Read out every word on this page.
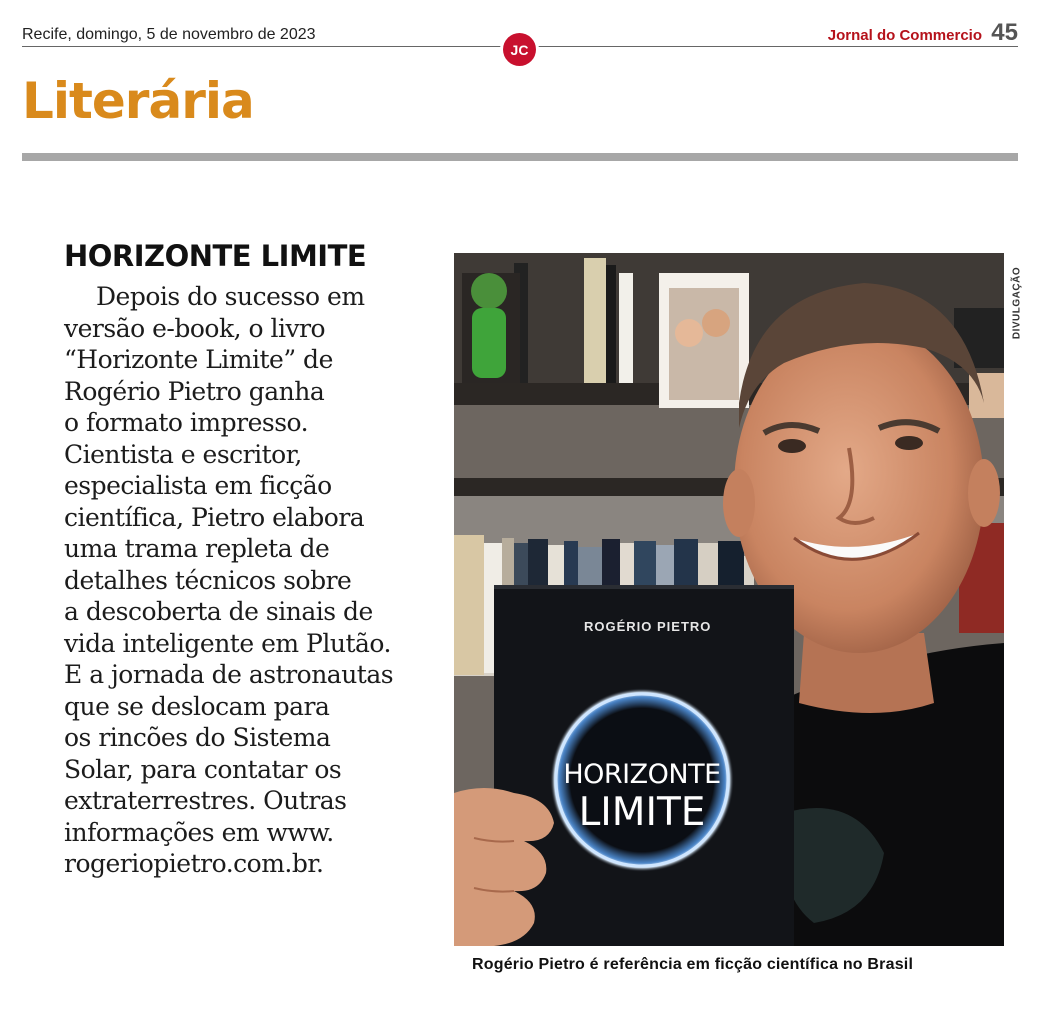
Recife, domingo, 5 de novembro de 2023
JC
Jornal do Commercio 45
Literária
HORIZONTE LIMITE
Depois do sucesso em
versão e-book, o livro
“Horizonte Limite” de
Rogério Pietro ganha
o formato impresso.
Cientista e escritor,
especialista em ficção
científica, Pietro elabora
uma trama repleta de
detalhes técnicos sobre
a descoberta de sinais de
vida inteligente em Plutão.
E a jornada de astronautas
que se deslocam para
os rincões do Sistema
Solar, para contatar os
extraterrestres. Outras
informações em www.
rogeriopietro.com.br.
ROGÉRIO PIETRO
HORIZONTE
LIMITE
DIVULGAÇÃO
Rogério Pietro é referência em ficção científica no Brasil
